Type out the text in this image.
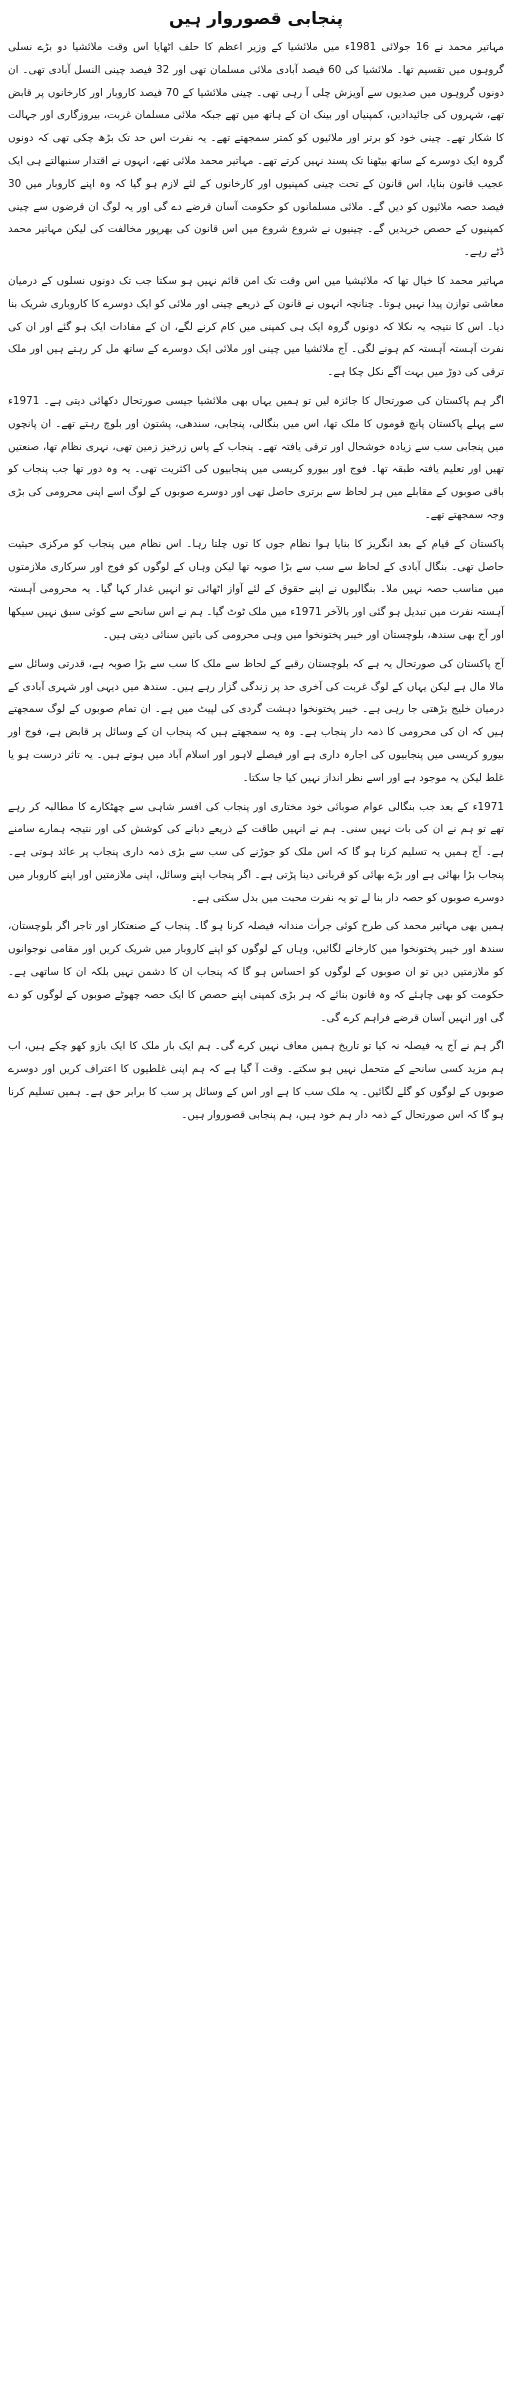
پنجابی قصوروار ہیں

مہاتیر محمد نے 16 جولائی 1981ء میں ملائشیا کے وزیر اعظم کا حلف اٹھایا اس وقت ملائشیا دو بڑے نسلی گروہوں میں تقسیم تھا۔ ملائشیا کی 60 فیصد آبادی ملائی مسلمان تھی اور 32 فیصد چینی النسل آبادی تھی۔ ان دونوں گروہوں میں صدیوں سے آویزش چلی آ رہی تھی۔ چینی ملائشیا کے 70 فیصد کاروبار اور کارخانوں پر قابض تھے، شہروں کی جائیدادیں، کمپنیاں اور بینک ان کے ہاتھ میں تھے جبکہ ملائی مسلمان غربت، بیروزگاری اور جہالت کا شکار تھے۔ چینی خود کو برتر اور ملائیوں کو کمتر سمجھتے تھے۔ یہ نفرت اس حد تک بڑھ چکی تھی کہ دونوں گروہ ایک دوسرے کے ساتھ بیٹھنا تک پسند نہیں کرتے تھے۔ مہاتیر محمد ملائی تھے، انہوں نے اقتدار سنبھالتے ہی ایک عجیب قانون بنایا، اس قانون کے تحت چینی کمپنیوں اور کارخانوں کے لئے لازم ہو گیا کہ وہ اپنے کاروبار میں 30 فیصد حصہ ملائیوں کو دیں گے۔ ملائی مسلمانوں کو حکومت آسان قرضے دے گی اور یہ لوگ ان قرضوں سے چینی کمپنیوں کے حصص خریدیں گے۔ چینیوں نے شروع شروع میں اس قانون کی بھرپور مخالفت کی لیکن مہاتیر محمد ڈٹے رہے۔

مہاتیر محمد کا خیال تھا کہ ملائیشیا میں اس وقت تک امن قائم نہیں ہو سکتا جب تک دونوں نسلوں کے درمیان معاشی توازن پیدا نہیں ہوتا۔ چنانچہ انہوں نے قانون کے ذریعے چینی اور ملائی کو ایک دوسرے کا کاروباری شریک بنا دیا۔ اس کا نتیجہ یہ نکلا کہ دونوں گروہ ایک ہی کمپنی میں کام کرنے لگے، ان کے مفادات ایک ہو گئے اور ان کی نفرت آہستہ آہستہ کم ہونے لگی۔ آج ملائشیا میں چینی اور ملائی ایک دوسرے کے ساتھ مل کر رہتے ہیں اور ملک ترقی کی دوڑ میں بہت آگے نکل چکا ہے۔

اگر ہم پاکستان کی صورتحال کا جائزہ لیں تو ہمیں یہاں بھی ملائشیا جیسی صورتحال دکھائی دیتی ہے۔ 1971ء سے پہلے پاکستان پانچ قوموں کا ملک تھا، اس میں بنگالی، پنجابی، سندھی، پشتون اور بلوچ رہتے تھے۔ ان پانچوں میں پنجابی سب سے زیادہ خوشحال اور ترقی یافتہ تھے۔ پنجاب کے پاس زرخیز زمین تھی، نہری نظام تھا، صنعتیں تھیں اور تعلیم یافتہ طبقہ تھا۔ فوج اور بیورو کریسی میں پنجابیوں کی اکثریت تھی۔ یہ وہ دور تھا جب پنجاب کو باقی صوبوں کے مقابلے میں ہر لحاظ سے برتری حاصل تھی اور دوسرے صوبوں کے لوگ اسے اپنی محرومی کی بڑی وجہ سمجھتے تھے۔

پاکستان کے قیام کے بعد انگریز کا بنایا ہوا نظام جوں کا توں چلتا رہا۔ اس نظام میں پنجاب کو مرکزی حیثیت حاصل تھی۔ بنگال آبادی کے لحاظ سے سب سے بڑا صوبہ تھا لیکن وہاں کے لوگوں کو فوج اور سرکاری ملازمتوں میں مناسب حصہ نہیں ملا۔ بنگالیوں نے اپنے حقوق کے لئے آواز اٹھائی تو انہیں غدار کہا گیا۔ یہ محرومی آہستہ آہستہ نفرت میں تبدیل ہو گئی اور بالآخر 1971ء میں ملک ٹوٹ گیا۔ ہم نے اس سانحے سے کوئی سبق نہیں سیکھا اور آج بھی سندھ، بلوچستان اور خیبر پختونخوا میں وہی محرومی کی باتیں سنائی دیتی ہیں۔

آج پاکستان کی صورتحال یہ ہے کہ بلوچستان رقبے کے لحاظ سے ملک کا سب سے بڑا صوبہ ہے، قدرتی وسائل سے مالا مال ہے لیکن یہاں کے لوگ غربت کی آخری حد پر زندگی گزار رہے ہیں۔ سندھ میں دیہی اور شہری آبادی کے درمیان خلیج بڑھتی جا رہی ہے۔ خیبر پختونخوا دہشت گردی کی لپیٹ میں ہے۔ ان تمام صوبوں کے لوگ سمجھتے ہیں کہ ان کی محرومی کا ذمہ دار پنجاب ہے۔ وہ یہ سمجھتے ہیں کہ پنجاب ان کے وسائل پر قابض ہے، فوج اور بیورو کریسی میں پنجابیوں کی اجارہ داری ہے اور فیصلے لاہور اور اسلام آباد میں ہوتے ہیں۔ یہ تاثر درست ہو یا غلط لیکن یہ موجود ہے اور اسے نظر انداز نہیں کیا جا سکتا۔

1971ء کے بعد جب بنگالی عوام صوبائی خود مختاری اور پنجاب کی افسر شاہی سے چھٹکارے کا مطالبہ کر رہے تھے تو ہم نے ان کی بات نہیں سنی۔ ہم نے انہیں طاقت کے ذریعے دبانے کی کوشش کی اور نتیجہ ہمارے سامنے ہے۔ آج ہمیں یہ تسلیم کرنا ہو گا کہ اس ملک کو جوڑنے کی سب سے بڑی ذمہ داری پنجاب پر عائد ہوتی ہے۔ پنجاب بڑا بھائی ہے اور بڑے بھائی کو قربانی دینا پڑتی ہے۔ اگر پنجاب اپنے وسائل، اپنی ملازمتیں اور اپنے کاروبار میں دوسرے صوبوں کو حصہ دار بنا لے تو یہ نفرت محبت میں بدل سکتی ہے۔

ہمیں بھی مہاتیر محمد کی طرح کوئی جرأت مندانہ فیصلہ کرنا ہو گا۔ پنجاب کے صنعتکار اور تاجر اگر بلوچستان، سندھ اور خیبر پختونخوا میں کارخانے لگائیں، وہاں کے لوگوں کو اپنے کاروبار میں شریک کریں اور مقامی نوجوانوں کو ملازمتیں دیں تو ان صوبوں کے لوگوں کو احساس ہو گا کہ پنجاب ان کا دشمن نہیں بلکہ ان کا ساتھی ہے۔ حکومت کو بھی چاہئے کہ وہ قانون بنائے کہ ہر بڑی کمپنی اپنے حصص کا ایک حصہ چھوٹے صوبوں کے لوگوں کو دے گی اور انہیں آسان قرضے فراہم کرے گی۔

اگر ہم نے آج یہ فیصلہ نہ کیا تو تاریخ ہمیں معاف نہیں کرے گی۔ ہم ایک بار ملک کا ایک بازو کھو چکے ہیں، اب ہم مزید کسی سانحے کے متحمل نہیں ہو سکتے۔ وقت آ گیا ہے کہ ہم اپنی غلطیوں کا اعتراف کریں اور دوسرے صوبوں کے لوگوں کو گلے لگائیں۔ یہ ملک سب کا ہے اور اس کے وسائل پر سب کا برابر حق ہے۔ ہمیں تسلیم کرنا ہو گا کہ اس صورتحال کے ذمہ دار ہم خود ہیں، ہم پنجابی قصوروار ہیں۔
